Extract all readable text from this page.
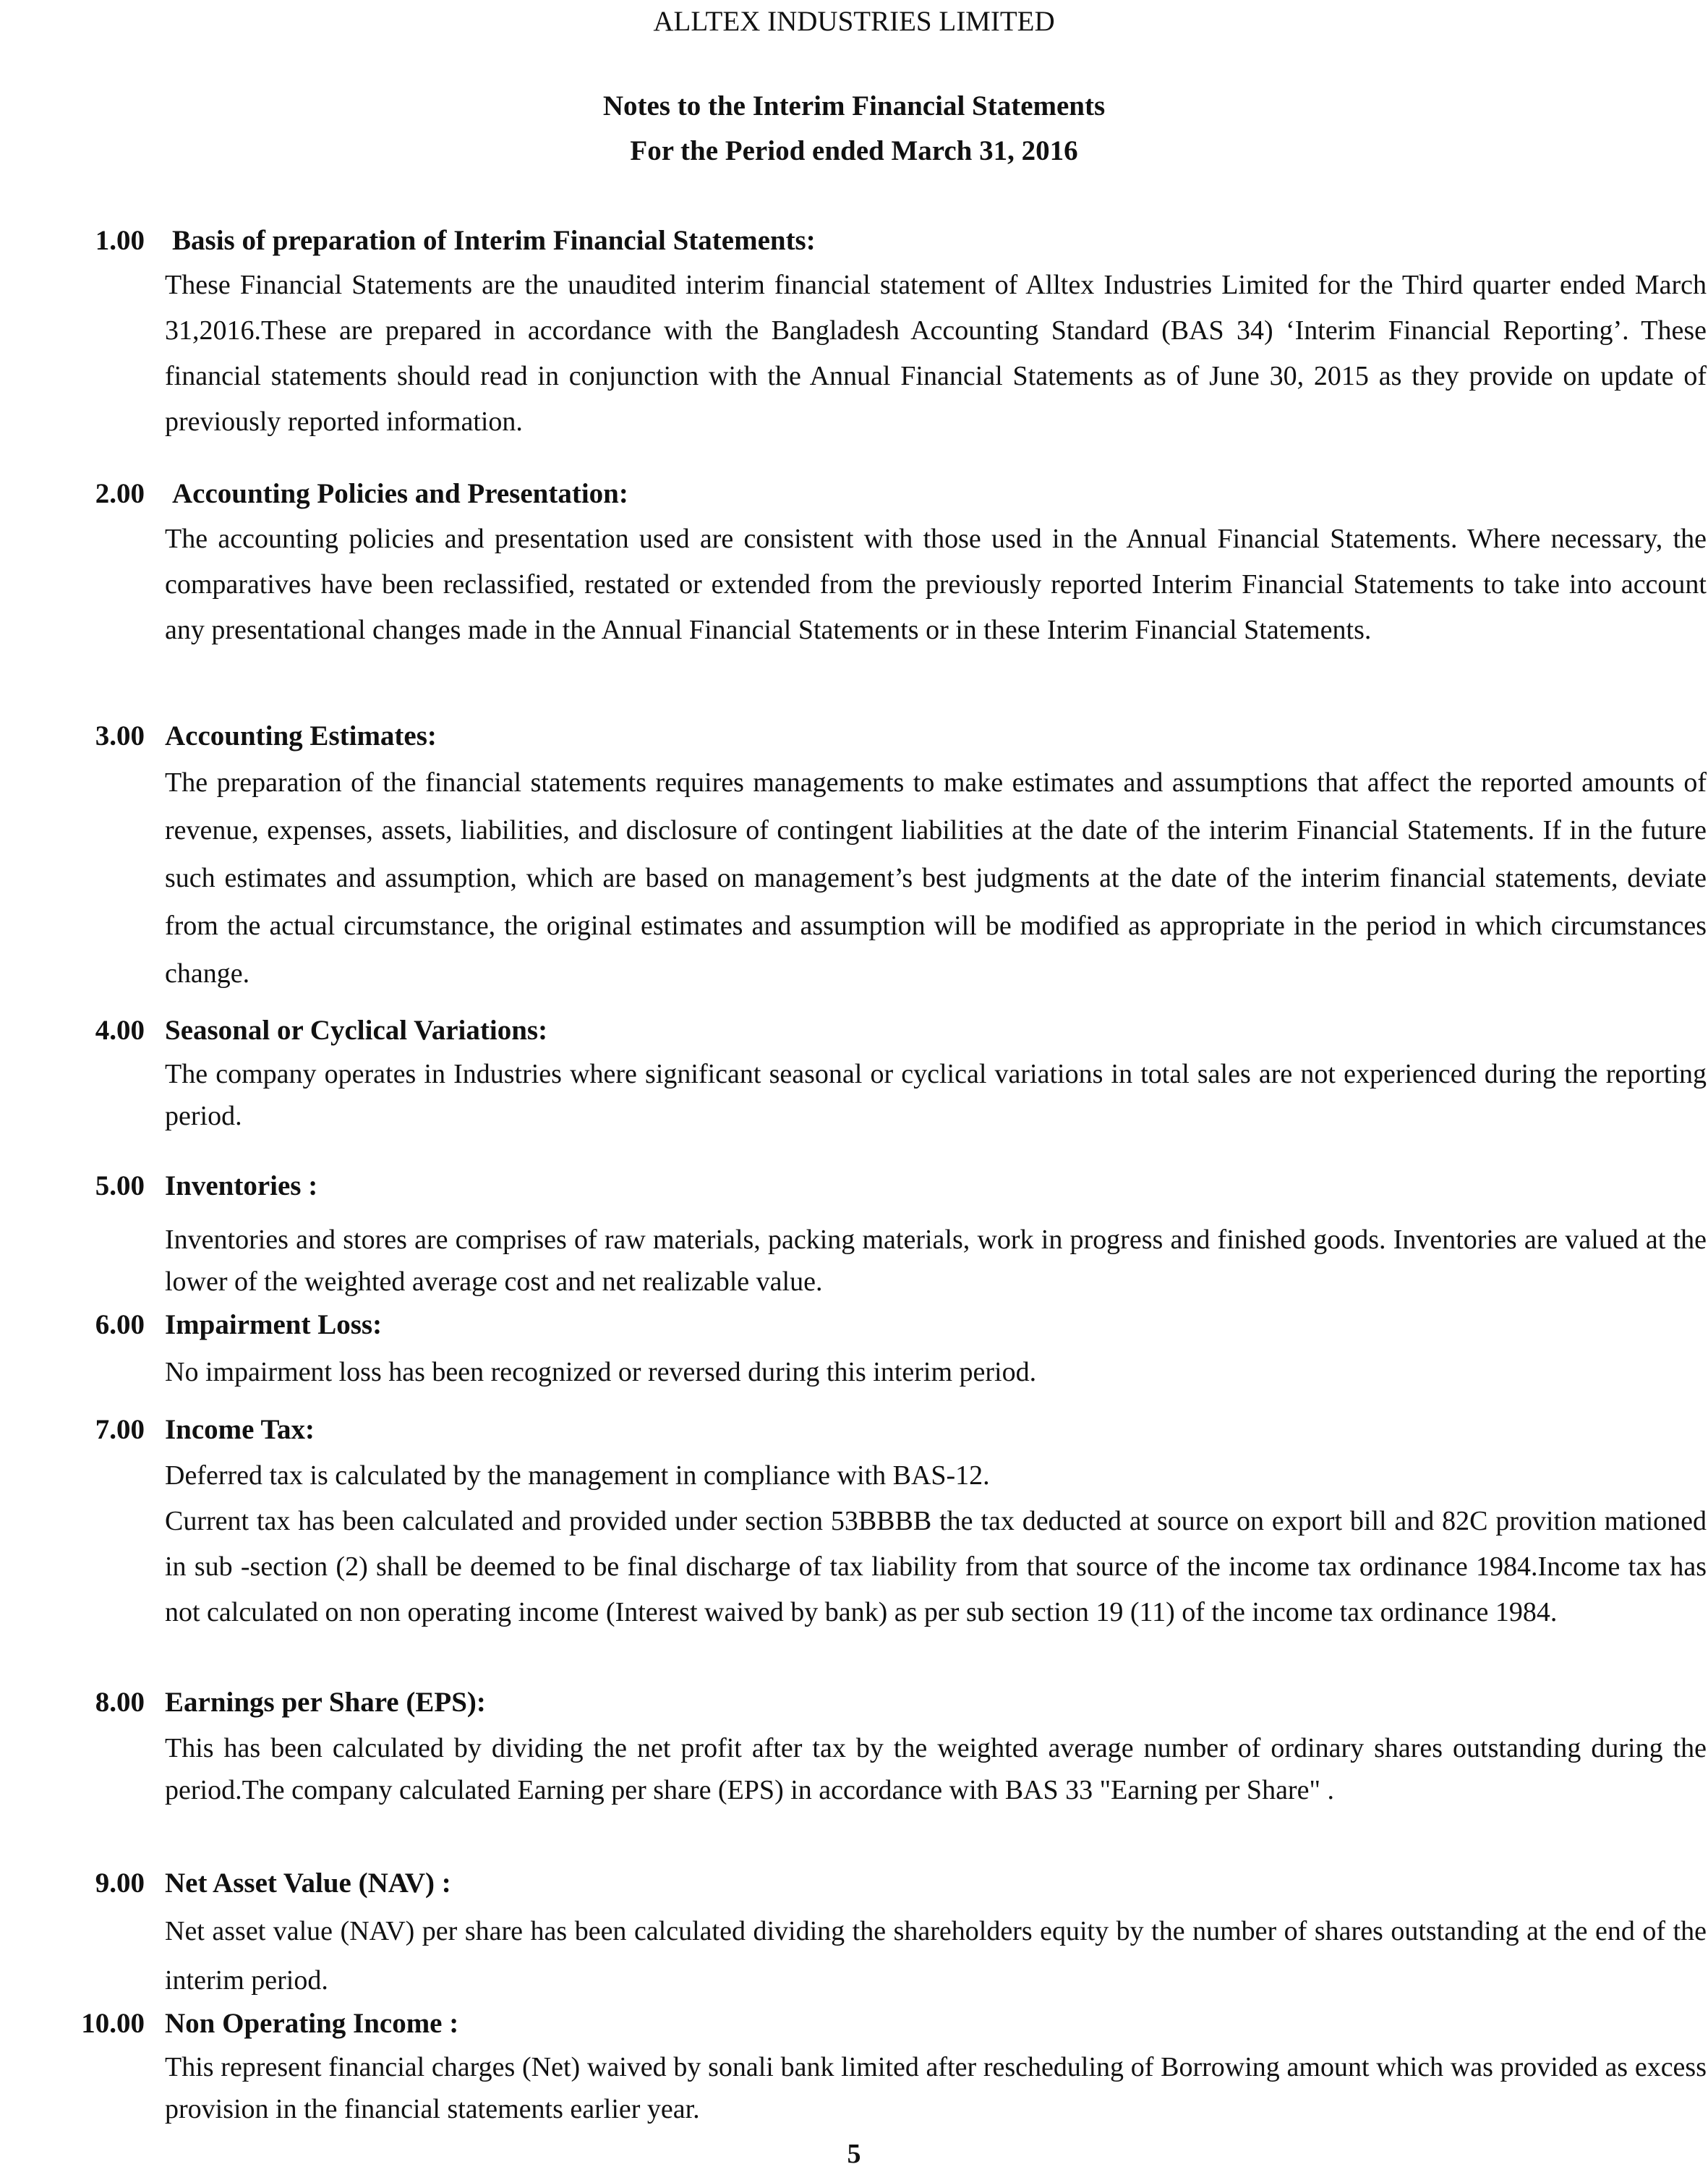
ALLTEX INDUSTRIES LIMITED
Notes to the Interim Financial Statements
For the Period ended March 31, 2016
1.00 Basis of preparation of Interim Financial Statements:

These Financial Statements are the unaudited interim financial statement of Alltex Industries Limited for the Third quarter ended March 31,2016.These are prepared in accordance with the Bangladesh Accounting Standard (BAS 34) ‘Interim Financial Reporting’. These financial statements should read in conjunction with the Annual Financial Statements as of June 30, 2015 as they provide on update of previously reported information.

2.00 Accounting Policies and Presentation:

The accounting policies and presentation used are consistent with those used in the Annual Financial Statements. Where necessary, the comparatives have been reclassified, restated or extended from the previously reported Interim Financial Statements to take into account any presentational changes made in the Annual Financial Statements or in these Interim Financial Statements.

3.00 Accounting Estimates:

The preparation of the financial statements requires managements to make estimates and assumptions that affect the reported amounts of revenue, expenses, assets, liabilities, and disclosure of contingent liabilities at the date of the interim Financial Statements. If in the future such estimates and assumption, which are based on management’s best judgments at the date of the interim financial statements, deviate from the actual circumstance, the original estimates and assumption will be modified as appropriate in the period in which circumstances change.

4.00 Seasonal or Cyclical Variations:

The company operates in Industries where significant seasonal or cyclical variations in total sales are not experienced during the reporting period.

5.00 Inventories :

Inventories and stores are comprises of raw materials, packing materials, work in progress and finished goods. Inventories are valued at the lower of the weighted average cost and net realizable value.

6.00 Impairment Loss:

No impairment loss has been recognized or reversed during this interim period.

7.00 Income Tax:

Deferred tax is calculated by the management in compliance with BAS-12.

Current tax has been calculated and provided under section 53BBBB the tax deducted at source on export bill and 82C provition mationed in sub -section (2) shall be deemed to be final discharge of tax liability from that source of the income tax ordinance 1984.Income tax has not calculated on non operating income (Interest waived by bank) as per sub section 19 (11) of the income tax ordinance 1984.

8.00 Earnings per Share (EPS):

This has been calculated by dividing the net profit after tax by the weighted average number of ordinary shares outstanding during the period.The company calculated Earning per share (EPS) in accordance with BAS 33 "Earning per Share" .

9.00 Net Asset Value (NAV) :

Net asset value (NAV) per share has been calculated dividing the shareholders equity by the number of shares outstanding at the end of the interim period.

10.00 Non Operating Income :

This represent financial charges (Net) waived by sonali bank limited after rescheduling of Borrowing amount which was provided as excess provision in the financial statements earlier year.

5
